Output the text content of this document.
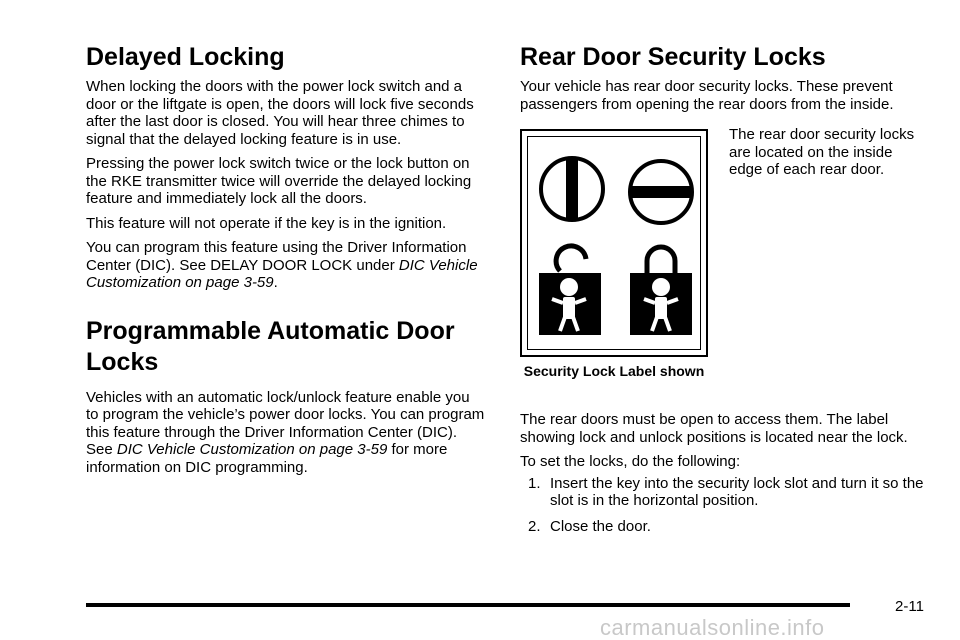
Delayed Locking

When locking the doors with the power lock switch and a door or the liftgate is open, the doors will lock five seconds after the last door is closed. You will hear three chimes to signal that the delayed locking feature is in use.

Pressing the power lock switch twice or the lock button on the RKE transmitter twice will override the delayed locking feature and immediately lock all the doors.

This feature will not operate if the key is in the ignition.

You can program this feature using the Driver Information Center (DIC). See DELAY DOOR LOCK under DIC Vehicle Customization on page 3-59.

Programmable Automatic Door Locks

Vehicles with an automatic lock/unlock feature enable you to program the vehicle’s power door locks. You can program this feature through the Driver Information Center (DIC). See DIC Vehicle Customization on page 3-59 for more information on DIC programming.

Rear Door Security Locks

Your vehicle has rear door security locks. These prevent passengers from opening the rear doors from the inside.

Security Lock Label shown
The rear door security locks are located on the inside edge of each rear door.

The rear doors must be open to access them. The label showing lock and unlock positions is located near the lock.

To set the locks, do the following:

1. Insert the key into the security lock slot and turn it so the slot is in the horizontal position.
2. Close the door.
2-11
carmanualsonline.info
